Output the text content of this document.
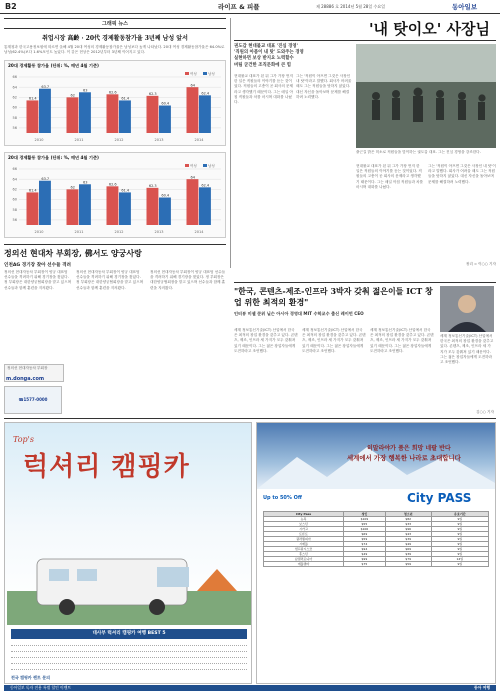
B2	라이프 & 피플	제 28886 호 2014년 5월 28일 수요일	동아일보
그래픽 뉴스
취업시장 高齡 · 20代 경제활동참가율 3년째 남성 앞서
통계청과 한국고용정보원에 따르면 올해 4월 20대 여성의 경제활동참가율은 남성보다 높게 나타났다. 20대 여성 경제활동참가율은 64.0%로 남성(62.4%)보다 1.6%포인트 높았다. 이 같은 현상은 2012년부터 3년째 이어지고 있다.
20대 경제활동 참가율 (단위: %, 매년 4월 기준)
56
58
60
62
64
66
61.4
62
62.6	62.3
64
63.7
63
61.4
60.4
62.4
2010	2011	2012	2013	2014
여성	남성
20대 경제활동 참가율 (단위: %, 매년 4월 기준)
56
58
60
62
64
66
61.4
62
62.6	62.3
64
63.7
63
61.4
60.4
62.4
2010	2011	2012	2013	2014
여성	남성
'내 탓이오' 사장님
권도갑 현대불교 대표 '진심 경영'
'직원의 아픔이 내 탓' 도와주는 경영
실현하면 보상 받지요 노력할수
버팀 굳건한 조직문화에 큰 힘
현대불교 대표가 된 뒤 그가 가장 먼저 한 일은 직원들의 이야기를 듣는 것이었다. 직원들의 고충이 곧 회사의 문제라고 생각했기 때문이다. 그는 매일 아침 직원들과 차를 마시며 대화를 나눴다.
그는 '직원이 아프면 그것은 사장인 내 탓'이라고 말했다. 회사가 어려울 때도 그는 직원들을 탓하지 않았다. 대신 자신을 돌아보며 문제를 해결하려 노력했다.
출근길 밝은 미소로 직원들을 맞이하는 권도갑 대표. 그는 진심 경영을 강조한다.
현대불교 대표가 된 뒤 그가 가장 먼저 한 일은 직원들의 이야기를 듣는 것이었다. 직원들의 고충이 곧 회사의 문제라고 생각했기 때문이다. 그는 매일 아침 직원들과 차를 마시며 대화를 나눴다.
그는 '직원이 아프면 그것은 사장인 내 탓'이라고 말했다. 회사가 어려울 때도 그는 직원들을 탓하지 않았다. 대신 자신을 돌아보며 문제를 해결하려 노력했다.
정리 = 이○○ 기자
정의선 현대차 부회장, 佛서도 양궁사랑
인천AG 경기장 찾아 선수들 격려
정의선 현대자동차 부회장이 양궁 대표팀 선수들을 격려하기 위해 경기장을 찾았다. 정 부회장은 대한양궁협회장을 맡고 있으며 선수들과 함께 훈련을 지켜봤다.
정의선 현대자동차 부회장이 양궁 대표팀 선수들을 격려하기 위해 경기장을 찾았다. 정 부회장은 대한양궁협회장을 맡고 있으며 선수들과 함께 훈련을 지켜봤다.
정의선 현대자동차 부회장이 양궁 대표팀 선수들을 격려하기 위해 경기장을 찾았다. 정 부회장은 대한양궁협회장을 맡고 있으며 선수들과 함께 훈련을 지켜봤다.
정의선 현대자동차 부회장
m.donga.com
"한국, 콘텐츠-제조-인프라 3박자 갖춰 젊은이들 ICT 창업 위한 최적의 환경"
인터뷰 미셸 쿤위 닐슨 아시아 경영대 MIT 수학교수 출신 레이먼 CEO
세계 정보통신기술(ICT) 산업에서 한국은 최적의 창업 환경을 갖추고 있다. 콘텐츠, 제조, 인프라 세 가지가 모두 갖춰져 있기 때문이다. 그는 젊은 창업자들에게 도전하라고 조언했다.
세계 정보통신기술(ICT) 산업에서 한국은 최적의 창업 환경을 갖추고 있다. 콘텐츠, 제조, 인프라 세 가지가 모두 갖춰져 있기 때문이다. 그는 젊은 창업자들에게 도전하라고 조언했다.
세계 정보통신기술(ICT) 산업에서 한국은 최적의 창업 환경을 갖추고 있다. 콘텐츠, 제조, 인프라 세 가지가 모두 갖춰져 있기 때문이다. 그는 젊은 창업자들에게 도전하라고 조언했다.
세계 정보통신기술(ICT) 산업에서 한국은 최적의 창업 환경을 갖추고 있다. 콘텐츠, 제조, 인프라 세 가지가 모두 갖춰져 있기 때문이다. 그는 젊은 창업자들에게 도전하라고 조언했다.
김○○ 기자
☎1577-0000
Top's
럭셔리 캠핑카
대사부 럭셔리 캠핑카 여행 BEST 5
전국 캠핑카 렌트 문의
히말라야가 품은 희망 네팔 반다
세계에서 가장 행복한 나라로 초대합니다
Up to 50% Off	City PASS
City Pass	성인	청소년	유효기간
뉴욕	$109	$82	9일
보스턴	$55	$33	9일
시카고	$106	$96	9일
토론토	$69	$43	9일
필라델피아	$59	$39	9일
시애틀	$74	$49	9일
샌프란시스코	$94	$69	9일
휴스턴	$49	$39	9일
남캘리포니아	$99	$79	14일
애틀랜타	$75	$59	9일
동아일보 독자 전용 특별 할인 이벤트	동아 여행
